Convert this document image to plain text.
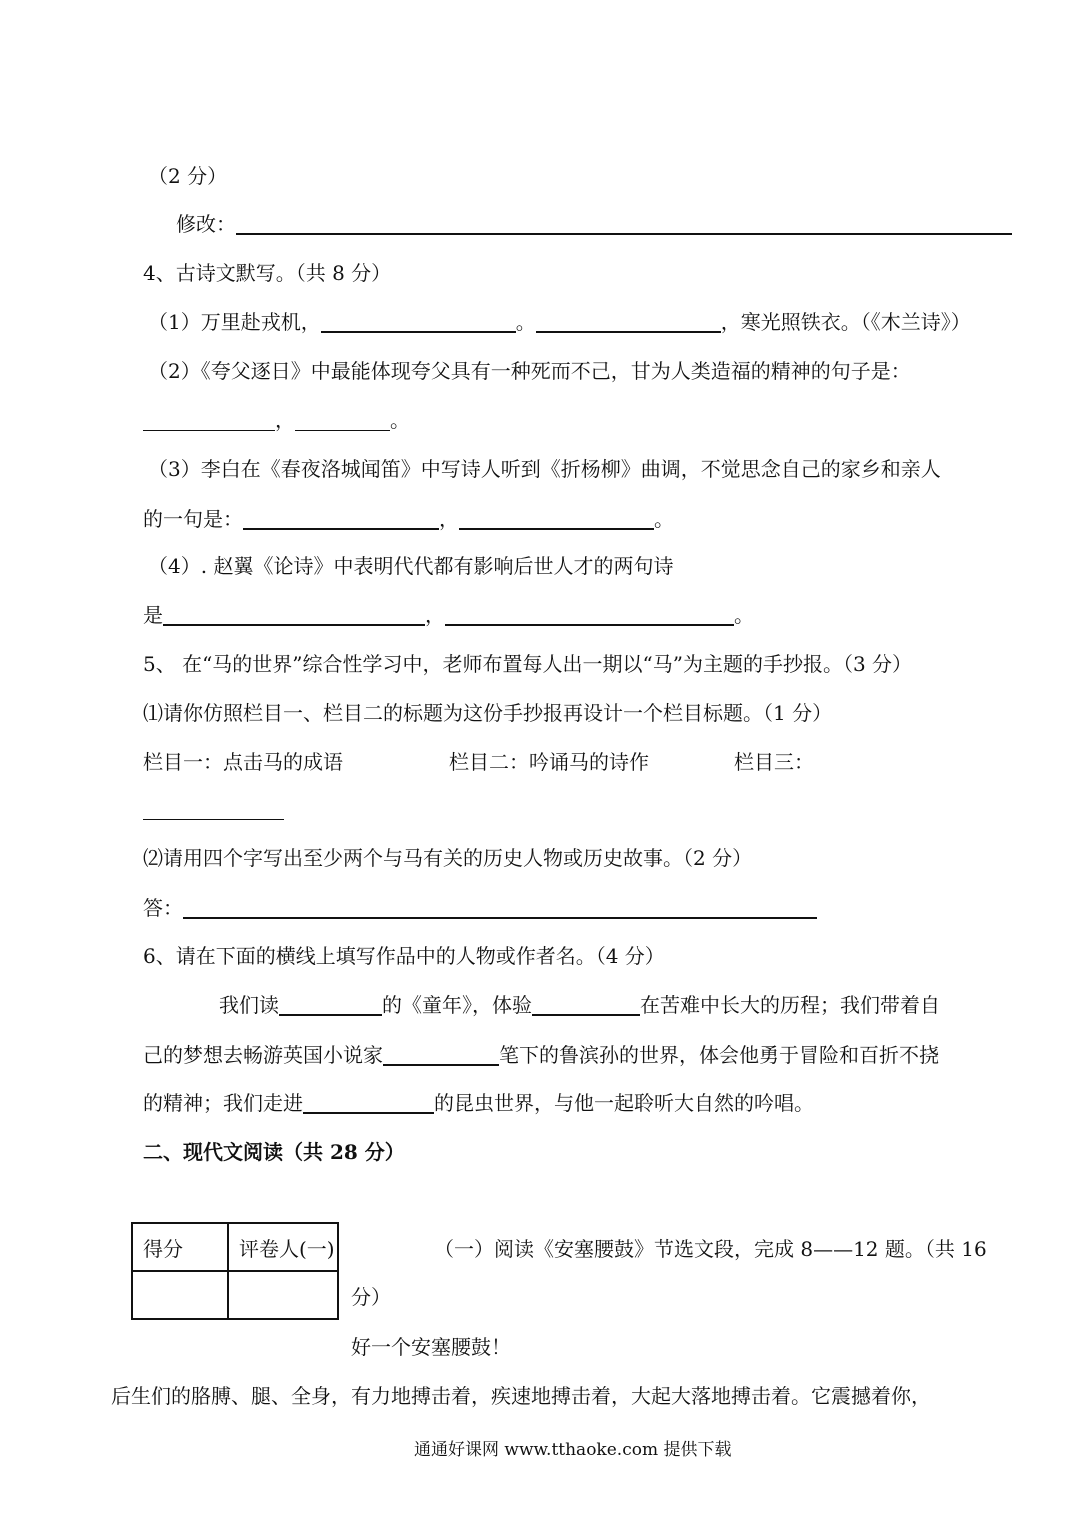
（2 分）
修改：
4、古诗文默写。（共 8 分）
（1）万里赴戎机，	。	，寒光照铁衣。（《木兰诗》）
（2）《夸父逐日》中最能体现夸父具有一种死而不己，甘为人类造福的精神的句子是：
，	。
（3）李白在《春夜洛城闻笛》中写诗人听到《折杨柳》曲调，不觉思念自己的家乡和亲人
的一句是：	，	。
（4）. 赵翼《论诗》中表明代代都有影响后世人才的两句诗
是	，	。
5、 在“马的世界”综合性学习中，老师布置每人出一期以“马”为主题的手抄报。（3 分）
⑴请你仿照栏目一、栏目二的标题为这份手抄报再设计一个栏目标题。（1 分）
栏目一：点击马的成语	栏目二：吟诵马的诗作	栏目三：
⑵请用四个字写出至少两个与马有关的历史人物或历史故事。（2 分）
答：
6、请在下面的横线上填写作品中的人物或作者名。（4 分）
我们读	的《童年》，体验	在苦难中长大的历程；我们带着自
己的梦想去畅游英国小说家	笔下的鲁滨孙的世界，体会他勇于冒险和百折不挠
的精神；我们走进	的昆虫世界，与他一起聆听大自然的吟唱。
二、现代文阅读（共 28 分）
得分	评卷人(一)
		（一）阅读《安塞腰鼓》节选文段，完成 8——12 题。（共 16
分）
好一个安塞腰鼓！
后生们的胳膊、腿、全身，有力地搏击着，疾速地搏击着，大起大落地搏击着。它震撼着你，
通通好课网 www.tthaoke.com 提供下载
